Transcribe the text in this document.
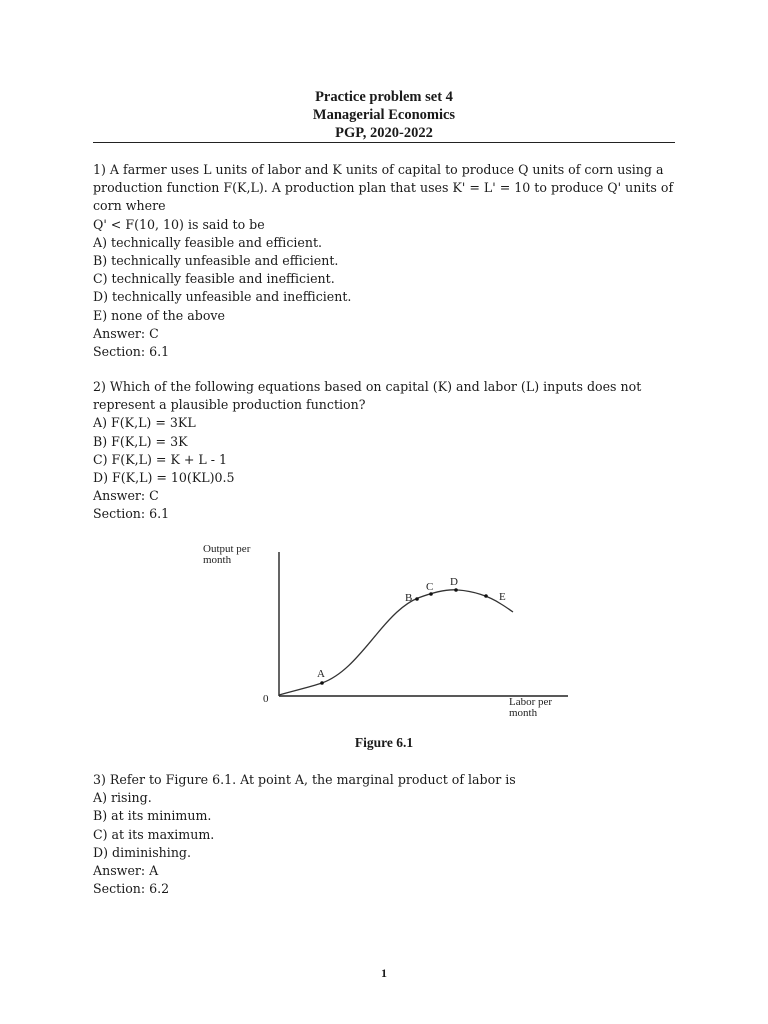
Practice problem set 4
Managerial Economics
PGP, 2020-2022
1) A farmer uses L units of labor and K units of capital to produce Q units of corn using a
production function F(K,L). A production plan that uses K' = L' = 10 to produce Q' units of
corn where
Q' < F(10, 10) is said to be
A) technically feasible and efficient.
B) technically unfeasible and efficient.
C) technically feasible and inefficient.
D) technically unfeasible and inefficient.
E) none of the above
Answer: C
Section: 6.1
2) Which of the following equations based on capital (K) and labor (L) inputs does not
represent a plausible production function?
A) F(K,L) = 3KL
B) F(K,L) = 3K
C) F(K,L) = K + L - 1
D) F(K,L) = 10(KL)0.5
Answer: C
Section: 6.1
Output per
month
0	Labor per
month
A
B
C D
E
Figure 6.1
3) Refer to Figure 6.1. At point A, the marginal product of labor is
A) rising.
B) at its minimum.
C) at its maximum.
D) diminishing.
Answer: A
Section: 6.2
1
